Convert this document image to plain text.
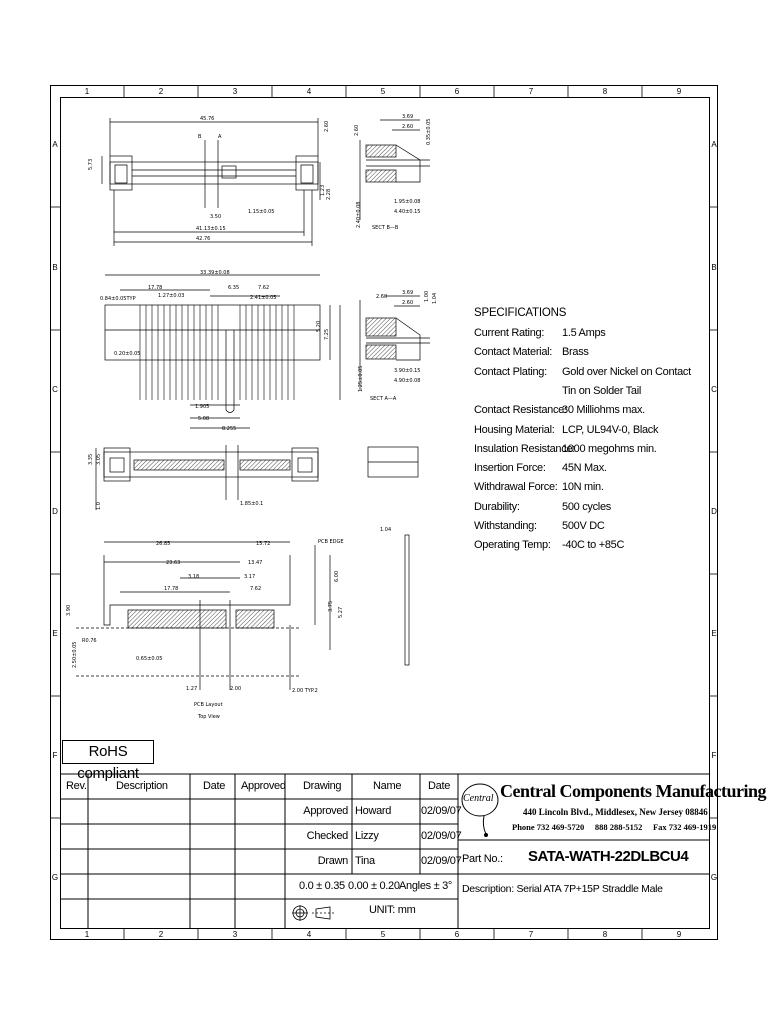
1	2	3	4	5	6	7	8	9
1	2	3	4	5	6	7	8	9
A
B
C
D
E
F
G
A
B
C
D
E
F
G
45.76
41.13±0.15
42.76
5.73
3.50
1.15±0.05
1.23 2.28
2.60
B	A
3.69
2.60	0.35±0.05
2.60
2.40±0.08	1.95±0.08
4.40±0.15
SECT B—B
33.39±0.08
17.78
1.27±0.03
6.35	7.62
2.41±0.05
0.84±0.05TYP
5.20
7.25
0.20±0.05
1.905
5.08
8.255
2.60
3.69
2.60
1.00 1.04
1.25±0.05	3.90±0.15
4.90±0.08
SECT A—A
3.35 3.05
1.0	1.85±0.1
26.85	15.72
23.63	13.47
3.18	3.17
17.78	7.62
6.00
3.75
5.27
3.90
2.50±0.05
R0.76
0.65±0.05
1.27	2.00	2.00 TYP.2
PCB EDGE
1.04
PCB Layout
Top View
SPECIFICATIONS
Current Rating: 1.5 Amps
Contact Material: Brass
Contact Plating: Gold over Nickel on Contact
Tin on Solder Tail
Contact Resistance:
30 Milliohms max.
Housing Material: LCP, UL94V-0, Black
Insulation Resistance:
1000 megohms min.
Insertion Force: 45N Max.
Withdrawal Force: 10N min.
Durability:	500 cycles
Withstanding: 500V DC
Operating Temp: -40C to +85C
RoHS compliant
Rev.	Description	Date Approved Drawing	Name Date
Approved Howard	02/09/07
Checked Lizzy	02/09/07
Drawn Tina	02/09/07
0.0 ± 0.35 0.00 ± 0.20 Angles ± 3°
UNIT: mm
Central Central Components Manufacturing
440 Lincoln Blvd., Middlesex, New Jersey 08846
Phone 732 469-5720     888 288-5152     Fax 732 469-1919
Part No.: SATA-WATH-22DLBCU4
Description: Serial ATA 7P+15P Straddle Male
